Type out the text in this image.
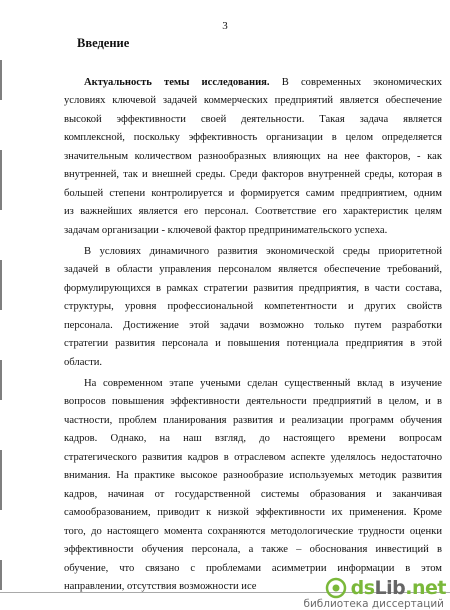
3
Введение
Актуальность темы исследования. В современных экономических
условиях ключевой задачей коммерческих предприятий является обеспечение
высокой эффективности своей деятельности. Такая задача является
комплексной, поскольку эффективность организации в целом определяется
значительным количеством разнообразных влияющих на нее факторов, - как
внутренней, так и внешней среды. Среди факторов внутренней среды, которая в
большей степени контролируется и формируется самим предприятием, одним
из важнейших является его персонал. Соответствие его характеристик целям
задачам организации - ключевой фактор предпринимательского успеха.
В условиях динамичного развития экономической среды приоритетной
задачей в области управления персоналом является обеспечение требований,
формулирующихся в рамках стратегии развития предприятия, в части состава,
структуры, уровня профессиональной компетентности и других свойств
персонала. Достижение этой задачи возможно только путем разработки
стратегии развития персонала и повышения потенциала предприятия в этой
области.
На современном этапе учеными сделан существенный вклад в изучение
вопросов повышения эффективности деятельности предприятий в целом, и в
частности, проблем планирования развития и реализации программ обучения
кадров. Однако, на наш взгляд, до настоящего времени вопросам
стратегического развития кадров в отраслевом аспекте уделялось недостаточно
внимания. На практике высокое разнообразие используемых методик развития
кадров, начиная от государственной системы образования и заканчивая
самообразованием, приводит к низкой эффективности их применения. Кроме
того, до настоящего момента сохраняются методологические трудности оценки
эффективности обучения персонала, а также – обоснования инвестиций в
обучение, что связано с проблемами асимметрии информации в этом
направлении, отсутствия возможности исе	dsLib.net
библиотека диссертаций
